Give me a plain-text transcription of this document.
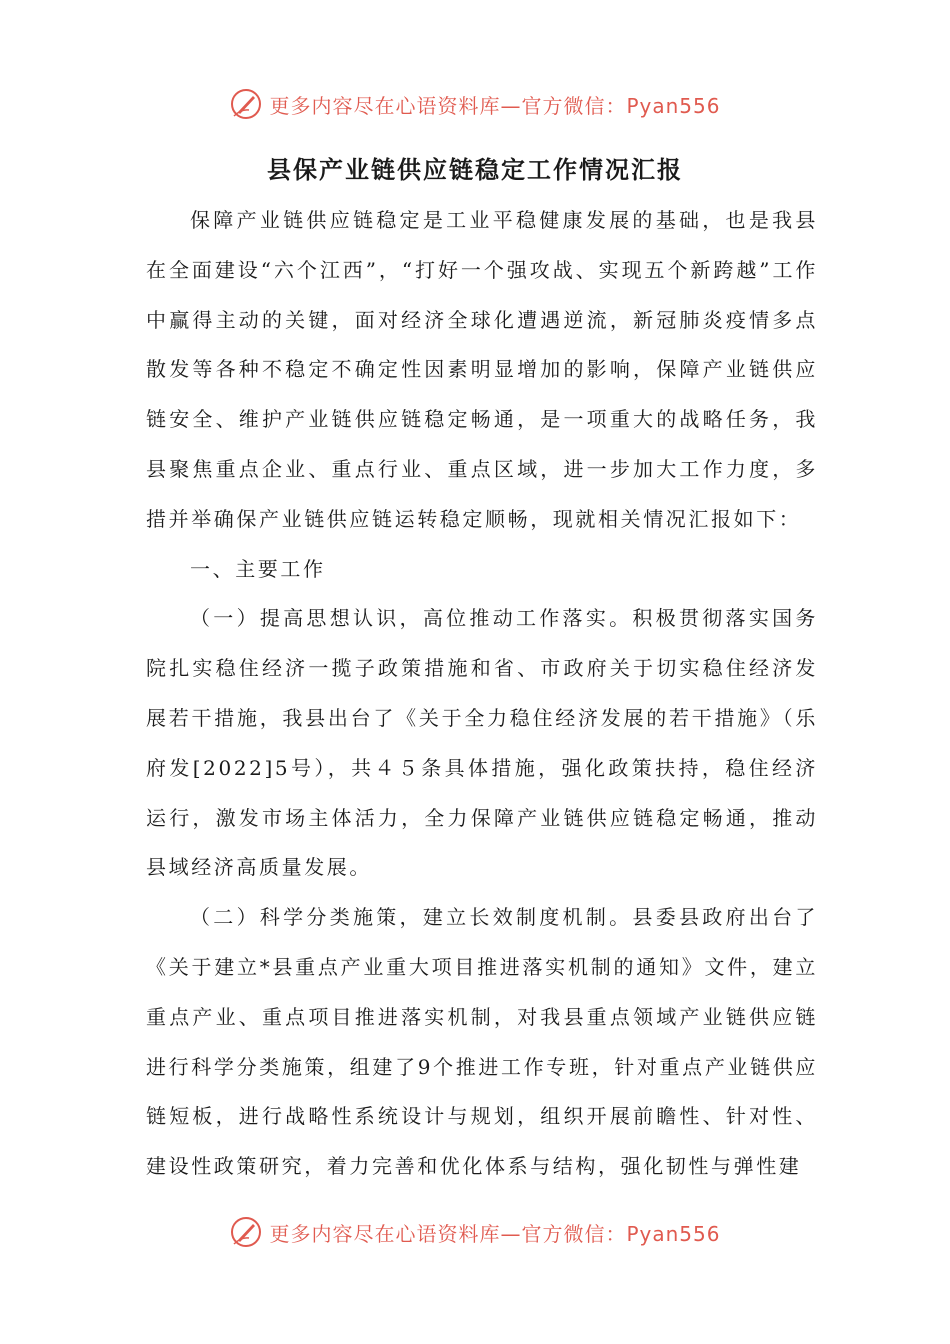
更多内容尽在心语资料库—官方微信：Pyan556
县保产业链供应链稳定工作情况汇报

保障产业链供应链稳定是工业平稳健康发展的基础，也是我县在全面建设“六个江西”，“打好一个强攻战、实现五个新跨越”工作中赢得主动的关键，面对经济全球化遭遇逆流，新冠肺炎疫情多点散发等各种不稳定不确定性因素明显增加的影响，保障产业链供应链安全、维护产业链供应链稳定畅通，是一项重大的战略任务，我县聚焦重点企业、重点行业、重点区域，进一步加大工作力度，多措并举确保产业链供应链运转稳定顺畅，现就相关情况汇报如下：

一、主要工作

（一）提高思想认识，高位推动工作落实。积极贯彻落实国务院扎实稳住经济一揽子政策措施和省、市政府关于切实稳住经济发展若干措施，我县出台了《关于全力稳住经济发展的若干措施》（乐府发[2022]5号），共４５条具体措施，强化政策扶持，稳住经济运行，激发市场主体活力，全力保障产业链供应链稳定畅通，推动县域经济高质量发展。

（二）科学分类施策，建立长效制度机制。县委县政府出台了《关于建立*县重点产业重大项目推进落实机制的通知》文件，建立重点产业、重点项目推进落实机制，对我县重点领域产业链供应链进行科学分类施策，组建了9个推进工作专班，针对重点产业链供应链短板，进行战略性系统设计与规划，组织开展前瞻性、针对性、建设性政策研究，着力完善和优化体系与结构，强化韧性与弹性建

更多内容尽在心语资料库—官方微信：Pyan556
